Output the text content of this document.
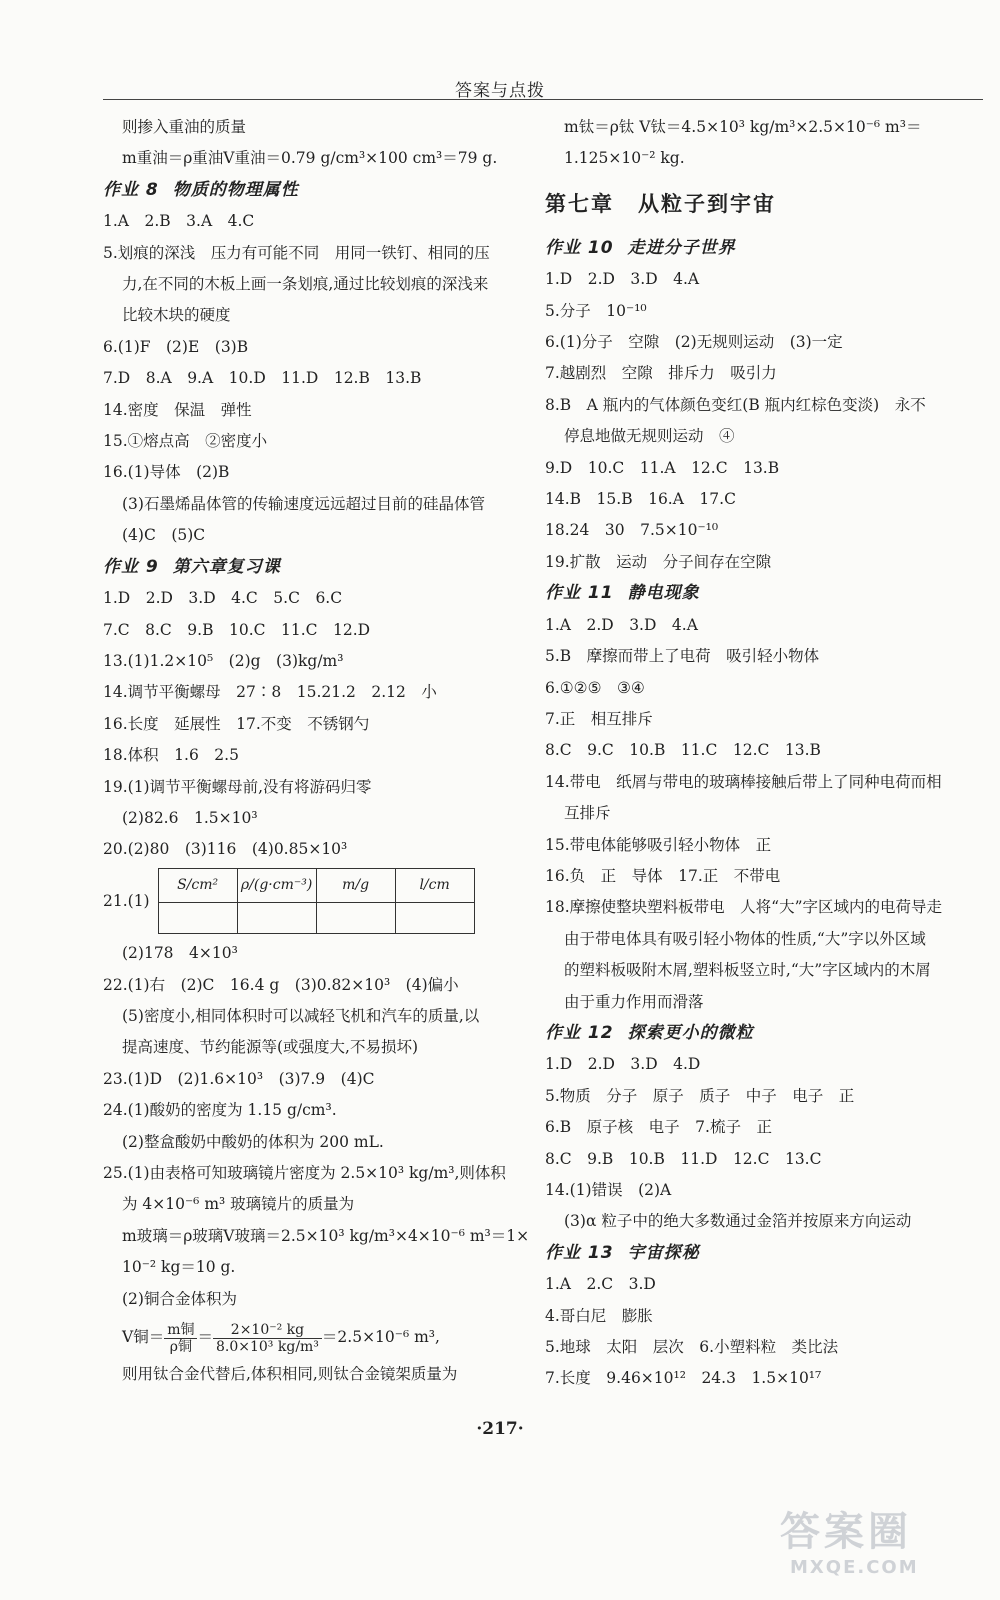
答案与点拨
则掺入重油的质量
m重油＝ρ重油V重油＝0.79 g/cm³×100 cm³＝79 g.
作业 8 物质的物理属性
1.A　2.B　3.A　4.C
5.划痕的深浅　压力有可能不同　用同一铁钉、相同的压
力,在不同的木板上画一条划痕,通过比较划痕的深浅来
比较木块的硬度
6.(1)F　(2)E　(3)B
7.D　8.A　9.A　10.D　11.D　12.B　13.B
14.密度　保温　弹性
15.①熔点高　②密度小
16.(1)导体　(2)B
(3)石墨烯晶体管的传输速度远远超过目前的硅晶体管
(4)C　(5)C
作业 9 第六章复习课
1.D　2.D　3.D　4.C　5.C　6.C
7.C　8.C　9.B　10.C　11.C　12.D
13.(1)1.2×10⁵　(2)g　(3)kg/m³
14.调节平衡螺母　27∶8　15.21.2　2.12　小
16.长度　延展性　17.不变　不锈钢勺
18.体积　1.6　2.5
19.(1)调节平衡螺母前,没有将游码归零
(2)82.6　1.5×10³
20.(2)80　(3)116　(4)0.85×10³
21.(1)
S/cm²	ρ/(g·cm⁻³)	m/g	l/cm

(2)178　4×10³
22.(1)右　(2)C　16.4 g　(3)0.82×10³　(4)偏小
(5)密度小,相同体积时可以减轻飞机和汽车的质量,以
提高速度、节约能源等(或强度大,不易损坏)
23.(1)D　(2)1.6×10³　(3)7.9　(4)C
24.(1)酸奶的密度为 1.15 g/cm³.
(2)整盒酸奶中酸奶的体积为 200 mL.
25.(1)由表格可知玻璃镜片密度为 2.5×10³ kg/m³,则体积
为 4×10⁻⁶ m³ 玻璃镜片的质量为
m玻璃＝ρ玻璃V玻璃＝2.5×10³ kg/m³×4×10⁻⁶ m³＝1×
10⁻² kg＝10 g.
(2)铜合金体积为
V铜＝ $\frac{\text{m铜}}{\text{ρ铜}} = \frac{\text{2×10⁻² kg}}{\text{8.0×10³ kg/m³}} =2.5\times 10^{-6}$ m³,
则用钛合金代替后,体积相同,则钛合金镜架质量为
m钛＝ρ钛 V钛＝4.5×10³ kg/m³×2.5×10⁻⁶ m³＝
1.125×10⁻² kg.
第七章 从粒子到宇宙
作业 10 走进分子世界
1.D　2.D　3.D　4.A
5.分子　10⁻¹⁰
6.(1)分子　空隙　(2)无规则运动　(3)一定
7.越剧烈　空隙　排斥力　吸引力
8.B　A 瓶内的气体颜色变红(B 瓶内红棕色变淡)　永不
停息地做无规则运动　④
9.D　10.C　11.A　12.C　13.B
14.B　15.B　16.A　17.C
18.24　30　7.5×10⁻¹⁰
19.扩散　运动　分子间存在空隙
作业 11 静电现象
1.A　2.D　3.D　4.A
5.B　摩擦而带上了电荷　吸引轻小物体
6.①②⑤　③④
7.正　相互排斥
8.C　9.C　10.B　11.C　12.C　13.B
14.带电　纸屑与带电的玻璃棒接触后带上了同种电荷而相
互排斥
15.带电体能够吸引轻小物体　正
16.负　正　导体　17.正　不带电
18.摩擦使整块塑料板带电　人将“大”字区域内的电荷导走
由于带电体具有吸引轻小物体的性质,“大”字以外区域
的塑料板吸附木屑,塑料板竖立时,“大”字区域内的木屑
由于重力作用而滑落
作业 12 探索更小的微粒
1.D　2.D　3.D　4.D
5.物质　分子　原子　质子　中子　电子　正
6.B　原子核　电子　7.梳子　正
8.C　9.B　10.B　11.D　12.C　13.C
14.(1)错误　(2)A
(3)α 粒子中的绝大多数通过金箔并按原来方向运动
作业 13 宇宙探秘
1.A　2.C　3.D
4.哥白尼　膨胀
5.地球　太阳　层次　6.小塑料粒　类比法
7.长度　9.46×10¹²　24.3　1.5×10¹⁷
·217·
答案圈
MXQE.COM
